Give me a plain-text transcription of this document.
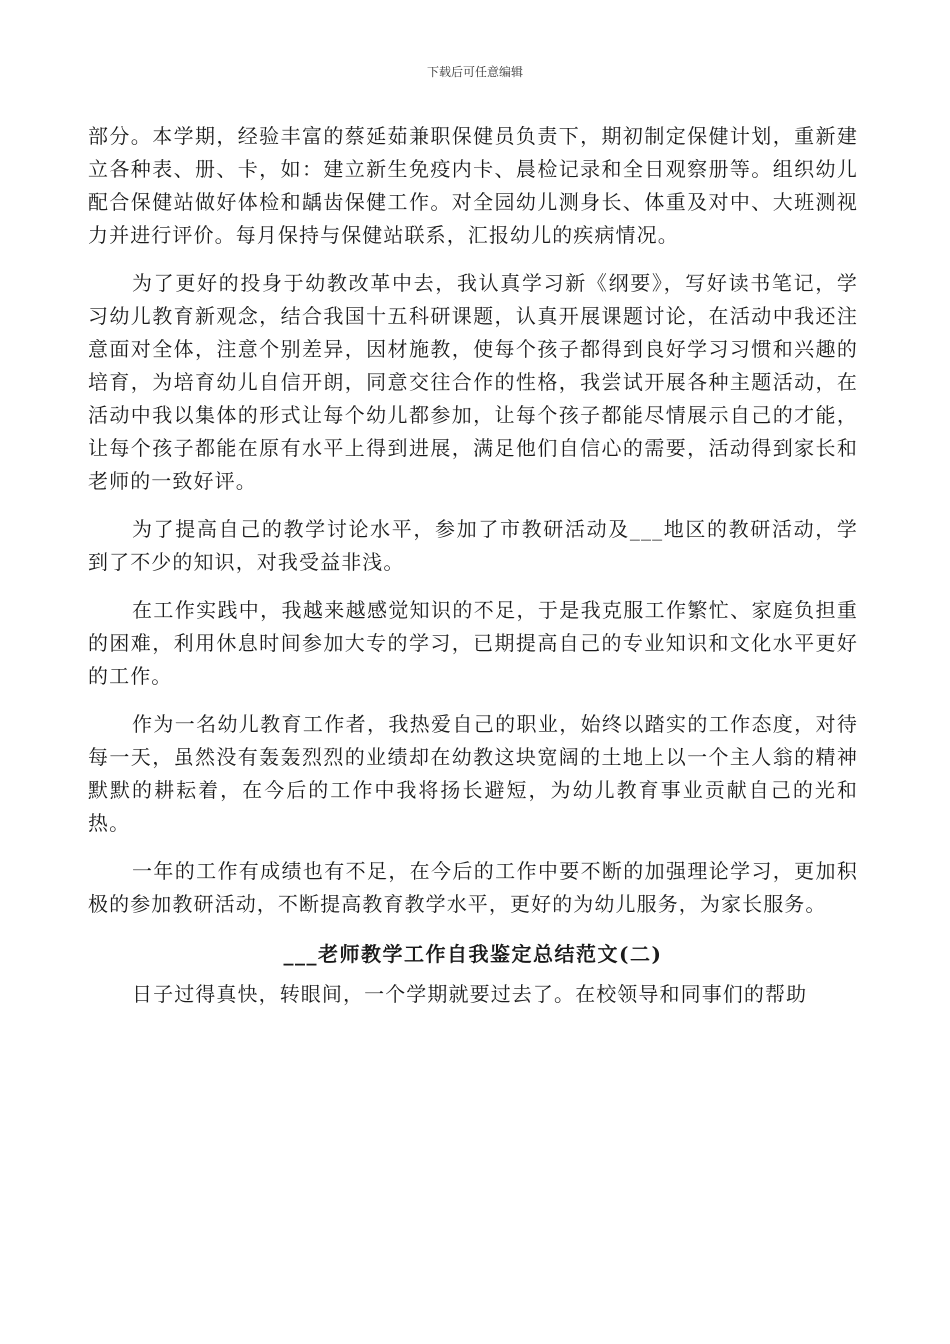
下载后可任意编辑

部分。本学期，经验丰富的蔡延茹兼职保健员负责下，期初制定保健计划，重新建立各种表、册、卡，如：建立新生免疫内卡、晨检记录和全日观察册等。组织幼儿配合保健站做好体检和龋齿保健工作。对全园幼儿测身长、体重及对中、大班测视力并进行评价。每月保持与保健站联系，汇报幼儿的疾病情况。

为了更好的投身于幼教改革中去，我认真学习新《纲要》，写好读书笔记，学习幼儿教育新观念，结合我国十五科研课题，认真开展课题讨论，在活动中我还注意面对全体，注意个别差异，因材施教，使每个孩子都得到良好学习习惯和兴趣的培育，为培育幼儿自信开朗，同意交往合作的性格，我尝试开展各种主题活动，在活动中我以集体的形式让每个幼儿都参加，让每个孩子都能尽情展示自己的才能，让每个孩子都能在原有水平上得到进展，满足他们自信心的需要，活动得到家长和老师的一致好评。

为了提高自己的教学讨论水平，参加了市教研活动及___地区的教研活动，学到了不少的知识，对我受益非浅。

在工作实践中，我越来越感觉知识的不足，于是我克服工作繁忙、家庭负担重的困难，利用休息时间参加大专的学习，已期提高自己的专业知识和文化水平更好的工作。

作为一名幼儿教育工作者，我热爱自己的职业，始终以踏实的工作态度，对待每一天，虽然没有轰轰烈烈的业绩却在幼教这块宽阔的土地上以一个主人翁的精神默默的耕耘着，在今后的工作中我将扬长避短，为幼儿教育事业贡献自己的光和热。

一年的工作有成绩也有不足，在今后的工作中要不断的加强理论学习，更加积极的参加教研活动，不断提高教育教学水平，更好的为幼儿服务，为家长服务。

___老师教学工作自我鉴定总结范文(二)

日子过得真快，转眼间，一个学期就要过去了。在校领导和同事们的帮助
